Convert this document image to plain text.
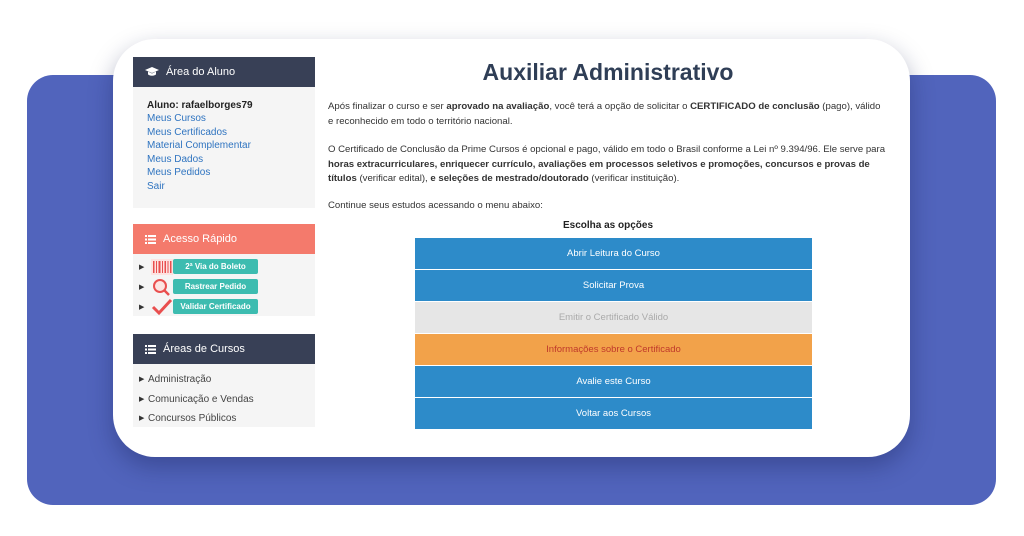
Área do Aluno
Aluno: rafaelborges79
Meus Cursos
Meus Certificados
Material Complementar
Meus Dados
Meus Pedidos
Sair
Acesso Rápido
▶	2ª Via do Boleto
▶	Rastrear Pedido
▶	Validar Certificado
Áreas de Cursos
▶ Administração
▶ Comunicação e Vendas
▶ Concursos Públicos
Auxiliar Administrativo

Após finalizar o curso e ser aprovado na avaliação, você terá a opção de solicitar o CERTIFICADO de conclusão (pago), válido e reconhecido em todo o território nacional.

O Certificado de Conclusão da Prime Cursos é opcional e pago, válido em todo o Brasil conforme a Lei nº 9.394/96. Ele serve para horas extracurriculares, enriquecer currículo, avaliações em processos seletivos e promoções, concursos e provas de títulos (verificar edital), e seleções de mestrado/doutorado (verificar instituição).

Continue seus estudos acessando o menu abaixo:

Escolha as opções
Abrir Leitura do Curso
Solicitar Prova
Emitir o Certificado Válido
Informações sobre o Certificado
Avalie este Curso
Voltar aos Cursos
